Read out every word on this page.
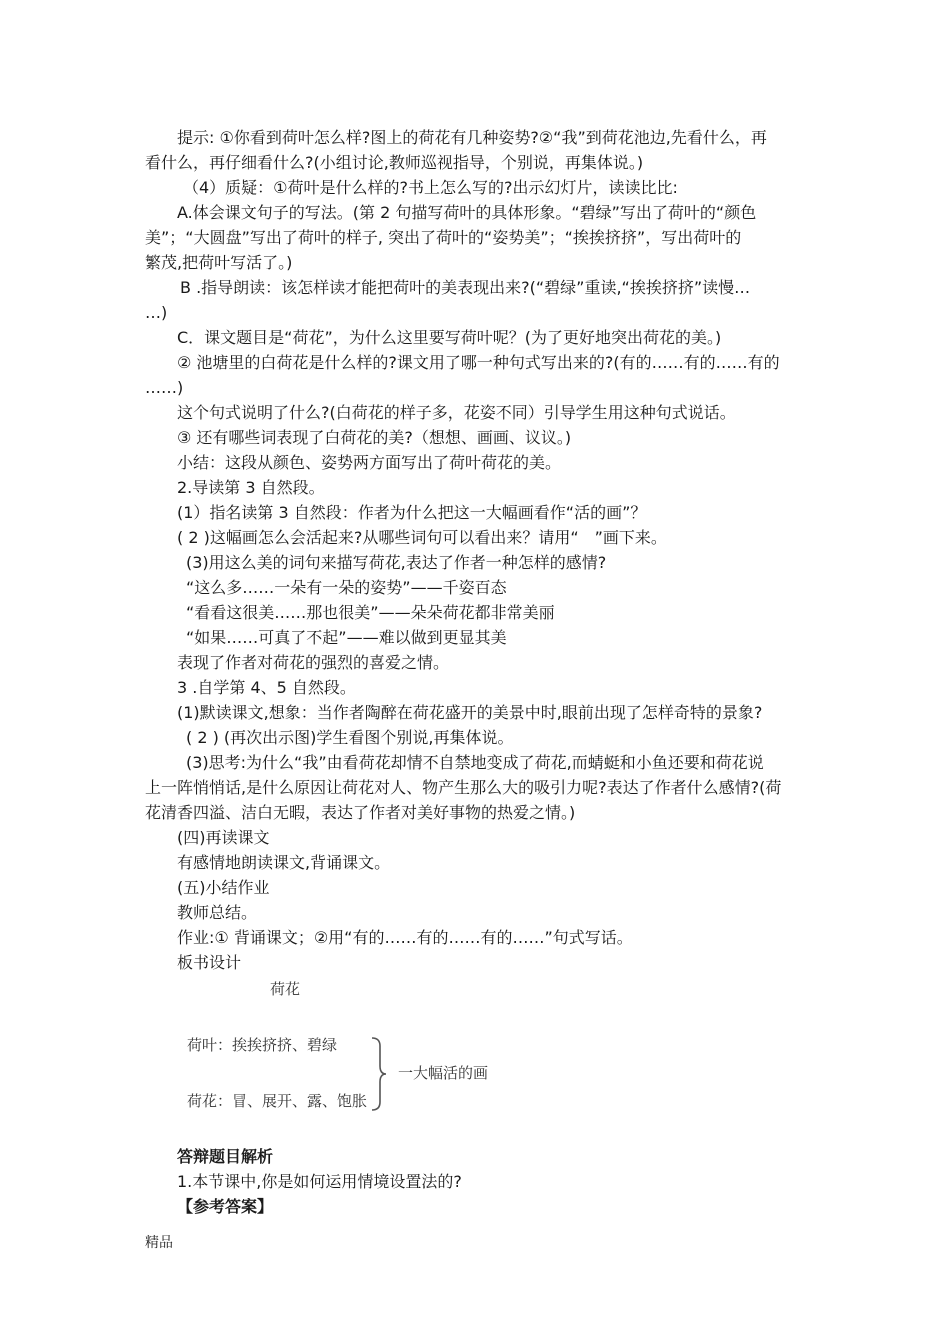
提示: ①你看到荷叶怎么样?图上的荷花有几种姿势?②“我”到荷花池边,先看什么，再
看什么，再仔细看什么?(小组讨论,教师巡视指导，个别说，再集体说。)
（4）质疑：①荷叶是什么样的?书上怎么写的?出示幻灯片，读读比比:
A.体会课文句子的写法。(第 2 句描写荷叶的具体形象。“碧绿”写出了荷叶的“颜色
美”；“大圆盘”写出了荷叶的样子, 突出了荷叶的“姿势美”；“挨挨挤挤”，写出荷叶的
繁茂,把荷叶写活了。)
B .指导朗读：该怎样读才能把荷叶的美表现出来?(“碧绿”重读,“挨挨挤挤”读慢…
…)
C．课文题目是“荷花”，为什么这里要写荷叶呢？(为了更好地突出荷花的美。)
② 池塘里的白荷花是什么样的?课文用了哪一种句式写出来的?(有的……有的……有的
……)
这个句式说明了什么?(白荷花的样子多，花姿不同）引导学生用这种句式说话。
③ 还有哪些词表现了白荷花的美?（想想、画画、议议。)
小结：这段从颜色、姿势两方面写出了荷叶荷花的美。
2.导读第 3 自然段。
(1）指名读第 3 自然段：作者为什么把这一大幅画看作“活的画”？
( 2 )这幅画怎么会活起来?从哪些词句可以看出来？请用“　”画下来。
(3)用这么美的词句来描写荷花,表达了作者一种怎样的感情?
“这么多……一朵有一朵的姿势”——千姿百态
“看看这很美……那也很美”——朵朵荷花都非常美丽
“如果……可真了不起”——难以做到更显其美
表现了作者对荷花的强烈的喜爱之情。
3 .自学第 4、5 自然段。
(1)默读课文,想象：当作者陶醉在荷花盛开的美景中时,眼前出现了怎样奇特的景象?
( 2 ) (再次出示图)学生看图个别说,再集体说。
(3)思考:为什么“我”由看荷花却情不自禁地变成了荷花,而蜻蜓和小鱼还要和荷花说
上一阵悄悄话,是什么原因让荷花对人、物产生那么大的吸引力呢?表达了作者什么感情?(荷
花清香四溢、洁白无暇，表达了作者对美好事物的热爱之情。)
(四)再读课文
有感情地朗读课文,背诵课文。
(五)小结作业
教师总结。
作业:① 背诵课文；②用“有的……有的……有的……”句式写话。
板书设计
荷花
荷叶：挨挨挤挤、碧绿
荷花：冒、展开、露、饱胀
一大幅活的画
答辩题目解析
1.本节课中,你是如何运用情境设置法的?
【参考答案】
精品
